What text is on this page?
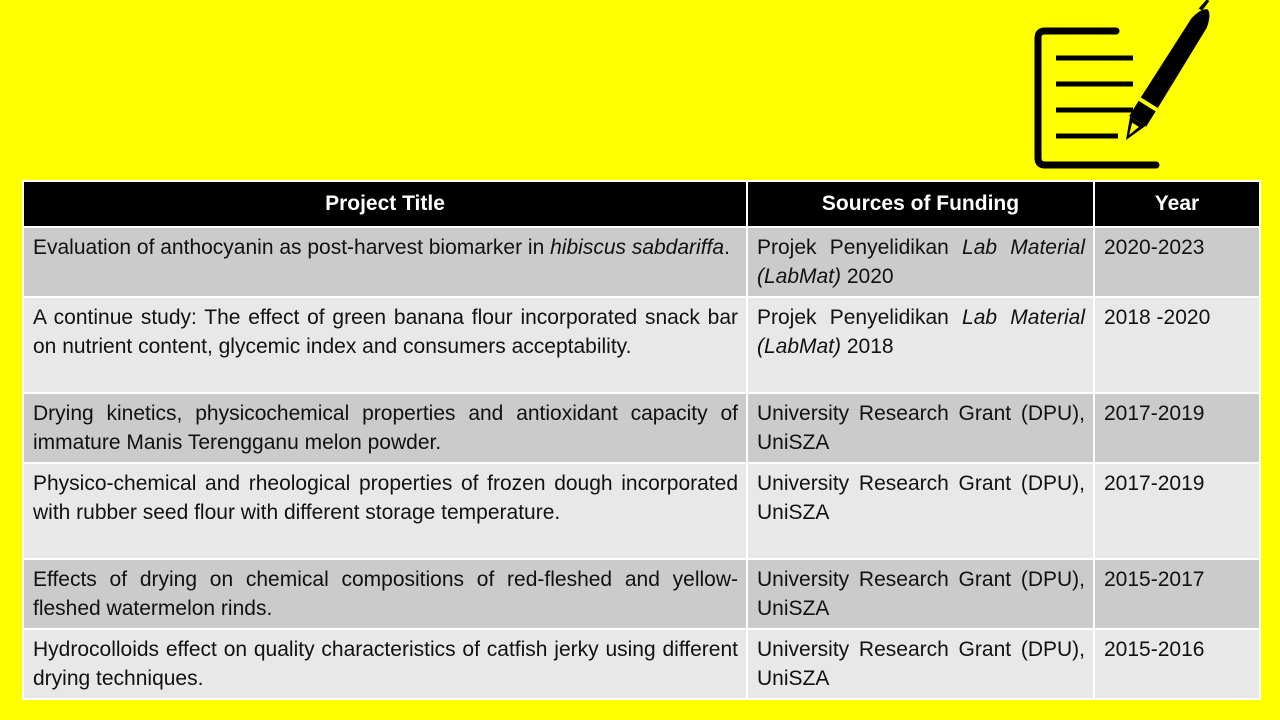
Project Title	Sources of Funding	Year
Evaluation of anthocyanin as post-harvest biomarker in hibiscus sabdariffa.	Projek Penyelidikan Lab Material (LabMat) 2020	2020-2023
A continue study: The effect of green banana flour incorporated snack bar on nutrient content, glycemic index and consumers acceptability.	Projek Penyelidikan Lab Material (LabMat) 2018	2018 -2020
Drying kinetics, physicochemical properties and antioxidant capacity of immature Manis Terengganu melon powder.	University Research Grant (DPU), UniSZA	2017-2019
Physico-chemical and rheological properties of frozen dough incorporated with rubber seed flour with different storage temperature.	University Research Grant (DPU), UniSZA	2017-2019
Effects of drying on chemical compositions of red-fleshed and yellow-fleshed watermelon rinds.	University Research Grant (DPU), UniSZA	2015-2017
Hydrocolloids effect on quality characteristics of catfish jerky using different drying techniques.	University Research Grant (DPU), UniSZA	2015-2016
